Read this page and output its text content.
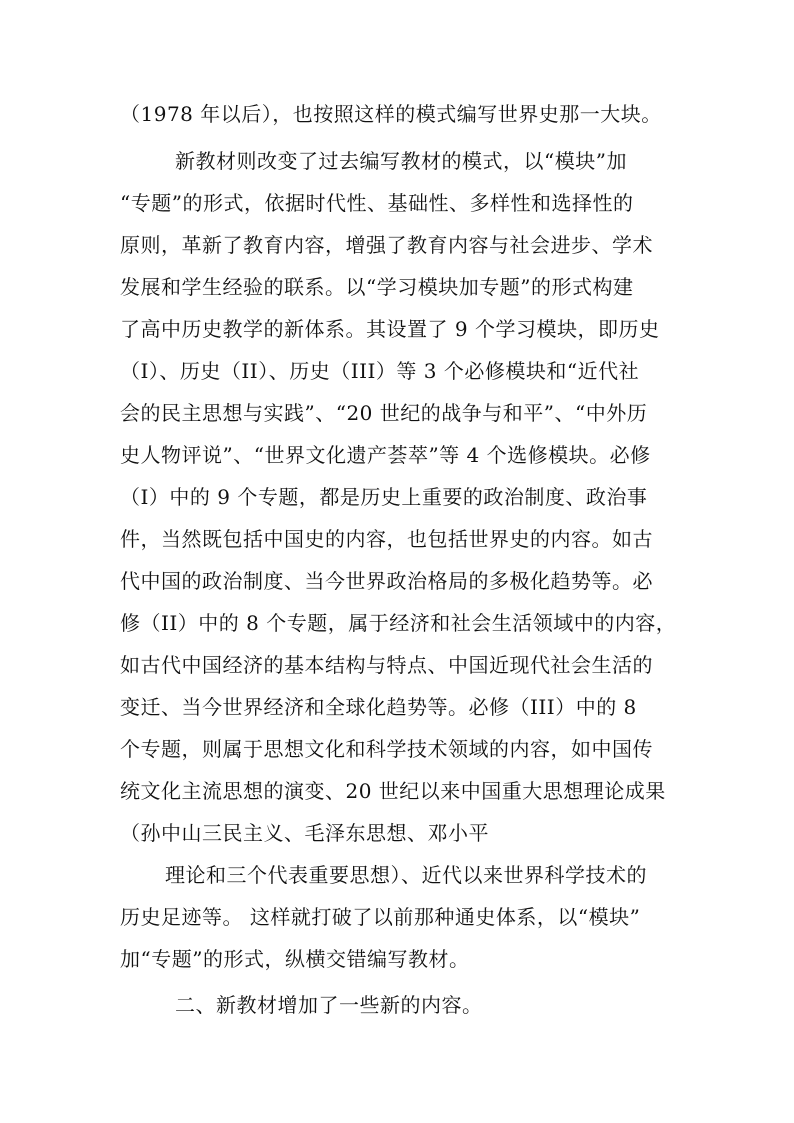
（1978 年以后），也按照这样的模式编写世界史那一大块。
新教材则改变了过去编写教材的模式，以“模块”加
“专题”的形式，依据时代性、基础性、多样性和选择性的
原则，革新了教育内容，增强了教育内容与社会进步、学术
发展和学生经验的联系。以“学习模块加专题”的形式构建
了高中历史教学的新体系。其设置了 9 个学习模块，即历史
（I）、历史（II）、历史（III）等 3 个必修模块和“近代社
会的民主思想与实践”、“20 世纪的战争与和平”、“中外历
史人物评说”、“世界文化遗产荟萃”等 4 个选修模块。必修
（I）中的 9 个专题，都是历史上重要的政治制度、政治事
件，当然既包括中国史的内容，也包括世界史的内容。如古
代中国的政治制度、当今世界政治格局的多极化趋势等。必
修（II）中的 8 个专题，属于经济和社会生活领域中的内容，
如古代中国经济的基本结构与特点、中国近现代社会生活的
变迁、当今世界经济和全球化趋势等。必修（III）中的 8
个专题，则属于思想文化和科学技术领域的内容，如中国传
统文化主流思想的演变、20 世纪以来中国重大思想理论成果
（孙中山三民主义、毛泽东思想、邓小平
理论和三个代表重要思想）、近代以来世界科学技术的
历史足迹等。 这样就打破了以前那种通史体系，以“模块”
加“专题”的形式，纵横交错编写教材。
二、新教材增加了一些新的内容。
